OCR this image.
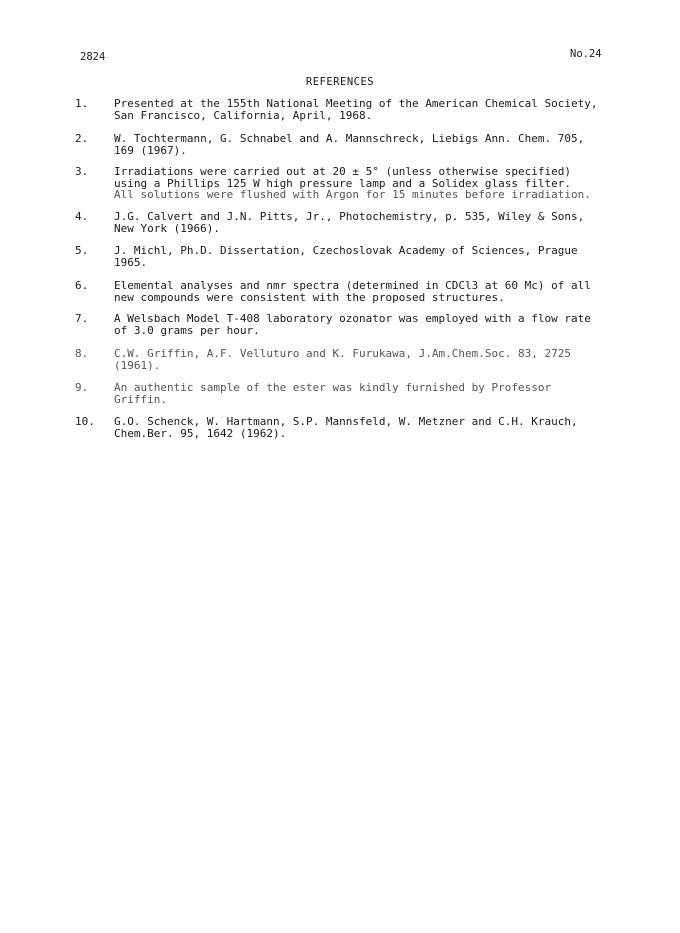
2824	No.24
REFERENCES
1. Presented at the 155th National Meeting of the American Chemical Society,
San Francisco, California, April, 1968.
2. W. Tochtermann, G. Schnabel and A. Mannschreck, Liebigs Ann. Chem. 705,
169 (1967).
3. Irradiations were carried out at 20 ± 5° (unless otherwise specified)
using a Phillips 125 W high pressure lamp and a Solidex glass filter.
All solutions were flushed with Argon for 15 minutes before irradiation.
4. J.G. Calvert and J.N. Pitts, Jr., Photochemistry, p. 535, Wiley & Sons,
New York (1966).
5. J. Michl, Ph.D. Dissertation, Czechoslovak Academy of Sciences, Prague
1965.
6. Elemental analyses and nmr spectra (determined in CDCl3 at 60 Mc) of all
new compounds were consistent with the proposed structures.
7. A Welsbach Model T-408 laboratory ozonator was employed with a flow rate
of 3.0 grams per hour.
8. C.W. Griffin, A.F. Velluturo and K. Furukawa, J.Am.Chem.Soc. 83, 2725
(1961).
9. An authentic sample of the ester was kindly furnished by Professor
Griffin.
10. G.O. Schenck, W. Hartmann, S.P. Mannsfeld, W. Metzner and C.H. Krauch,
Chem.Ber. 95, 1642 (1962).
